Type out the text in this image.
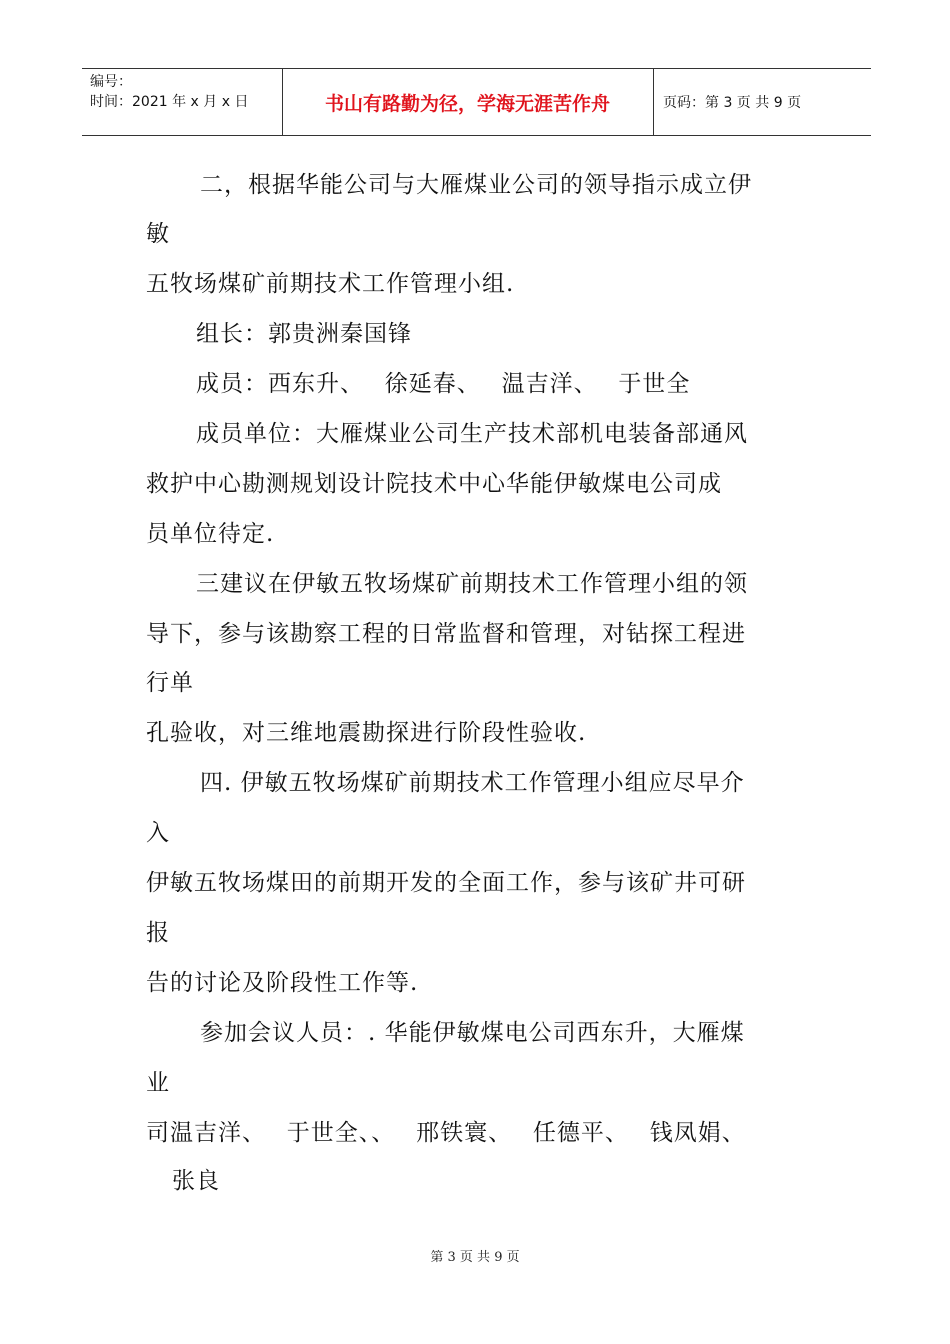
编号：
时间：2021 年 x 月 x 日	书山有路勤为径，学海无涯苦作舟	页码：第 3 页 共 9 页
二，根据华能公司与大雁煤业公司的领导指示成立伊
敏
五牧场煤矿前期技术工作管理小组.
组长：郭贵洲秦国锋
成员：西东升、　 徐延春、　 温吉洋、　 于世全
成员单位：大雁煤业公司生产技术部机电装备部通风
救护中心勘测规划设计院技术中心华能伊敏煤电公司成
员单位待定.
三建议在伊敏五牧场煤矿前期技术工作管理小组的领
导下，参与该勘察工程的日常监督和管理，对钻探工程进
行单
孔验收，对三维地震勘探进行阶段性验收.
四. 伊敏五牧场煤矿前期技术工作管理小组应尽早介
入
伊敏五牧场煤田的前期开发的全面工作，参与该矿井可研
报
告的讨论及阶段性工作等.
参加会议人员：. 华能伊敏煤电公司西东升，大雁煤
业
司温吉洋、　 于世全、、　 邢铁寰、　 任德平、　 钱凤娟、
张良
第 3 页 共 9 页
